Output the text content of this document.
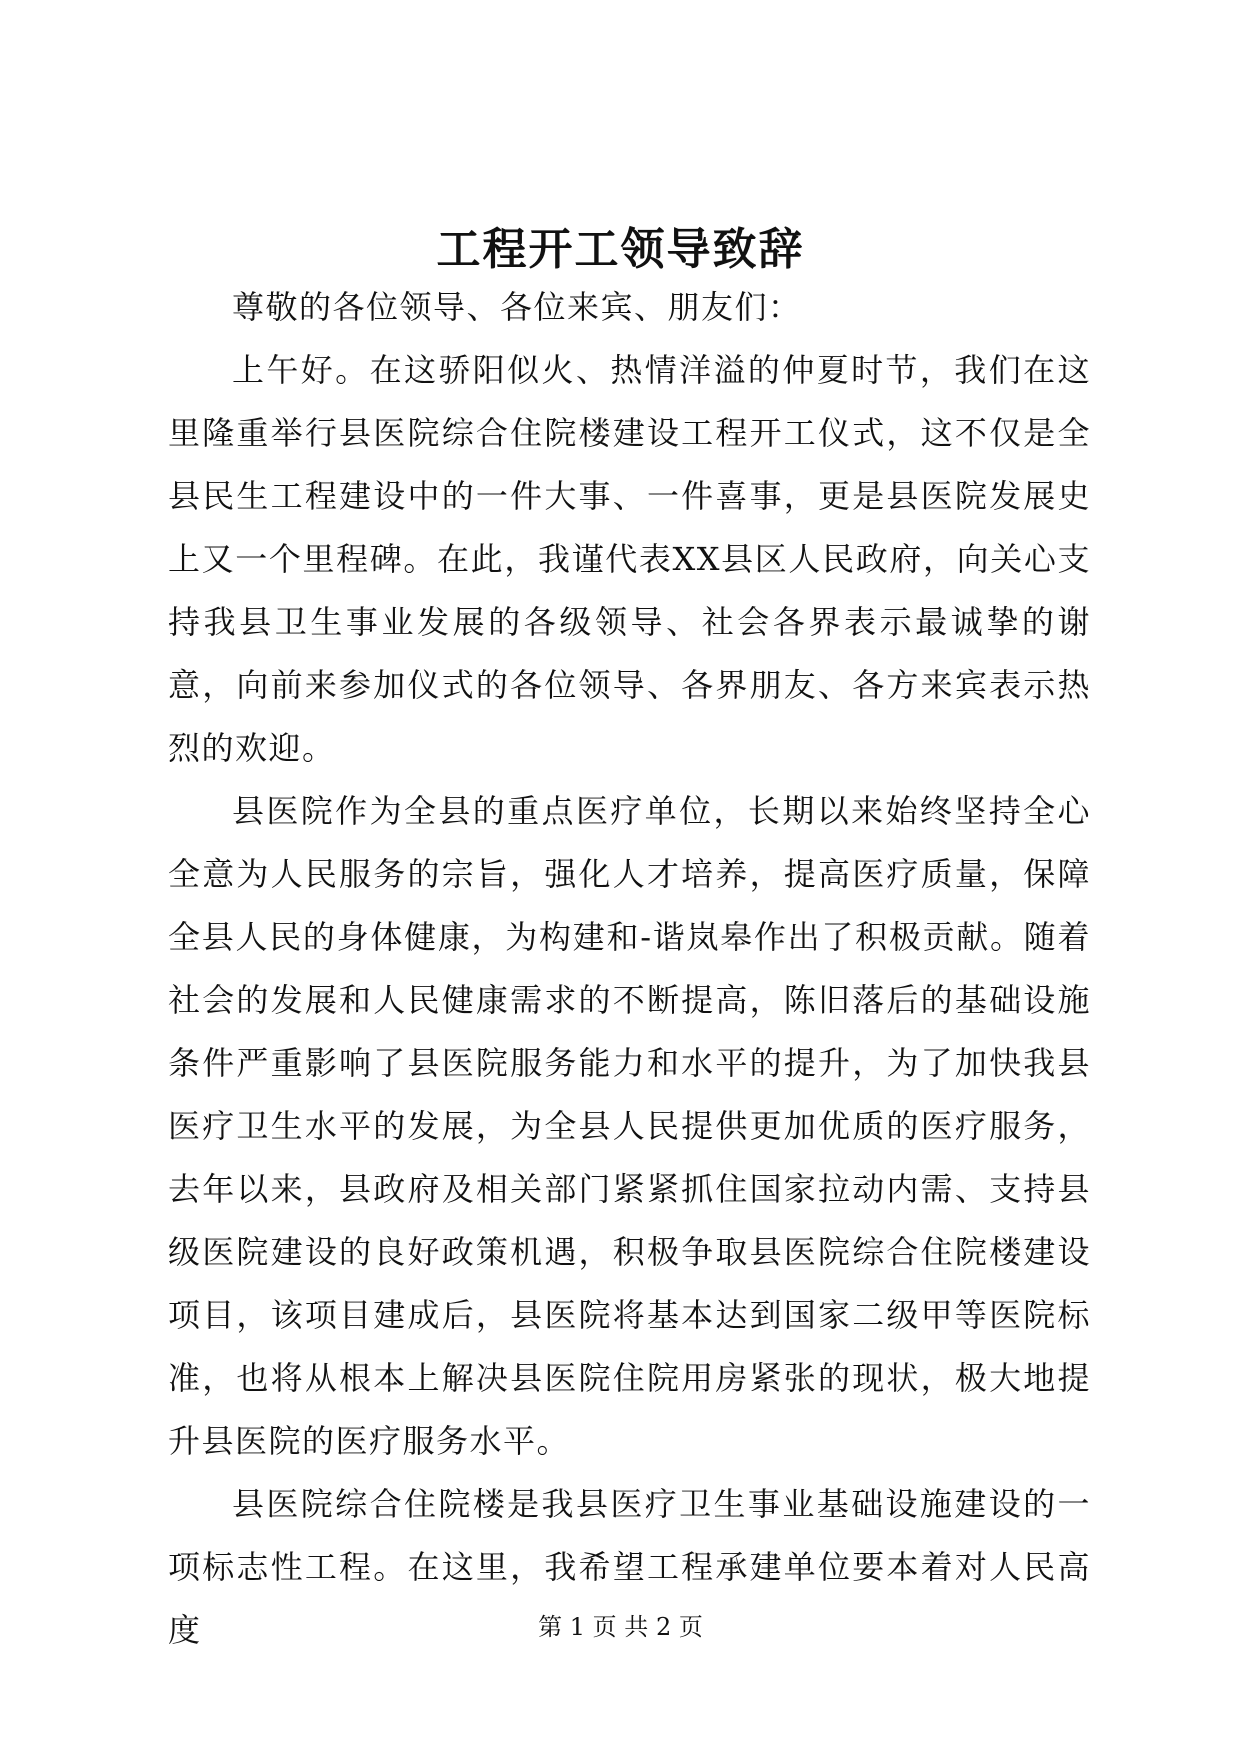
工程开工领导致辞

尊敬的各位领导、各位来宾、朋友们：

上午好。在这骄阳似火、热情洋溢的仲夏时节，我们在这里隆重举行县医院综合住院楼建设工程开工仪式，这不仅是全县民生工程建设中的一件大事、一件喜事，更是县医院发展史上又一个里程碑。在此，我谨代表XX县区人民政府，向关心支持我县卫生事业发展的各级领导、社会各界表示最诚挚的谢意，向前来参加仪式的各位领导、各界朋友、各方来宾表示热烈的欢迎。

县医院作为全县的重点医疗单位，长期以来始终坚持全心全意为人民服务的宗旨，强化人才培养，提高医疗质量，保障全县人民的身体健康，为构建和-谐岚皋作出了积极贡献。随着社会的发展和人民健康需求的不断提高，陈旧落后的基础设施条件严重影响了县医院服务能力和水平的提升，为了加快我县医疗卫生水平的发展，为全县人民提供更加优质的医疗服务，去年以来，县政府及相关部门紧紧抓住国家拉动内需、支持县级医院建设的良好政策机遇，积极争取县医院综合住院楼建设项目，该项目建成后，县医院将基本达到国家二级甲等医院标准，也将从根本上解决县医院住院用房紧张的现状，极大地提升县医院的医疗服务水平。

县医院综合住院楼是我县医疗卫生事业基础设施建设的一项标志性工程。在这里，我希望工程承建单位要本着对人民高度	第 1 页 共 2 页
